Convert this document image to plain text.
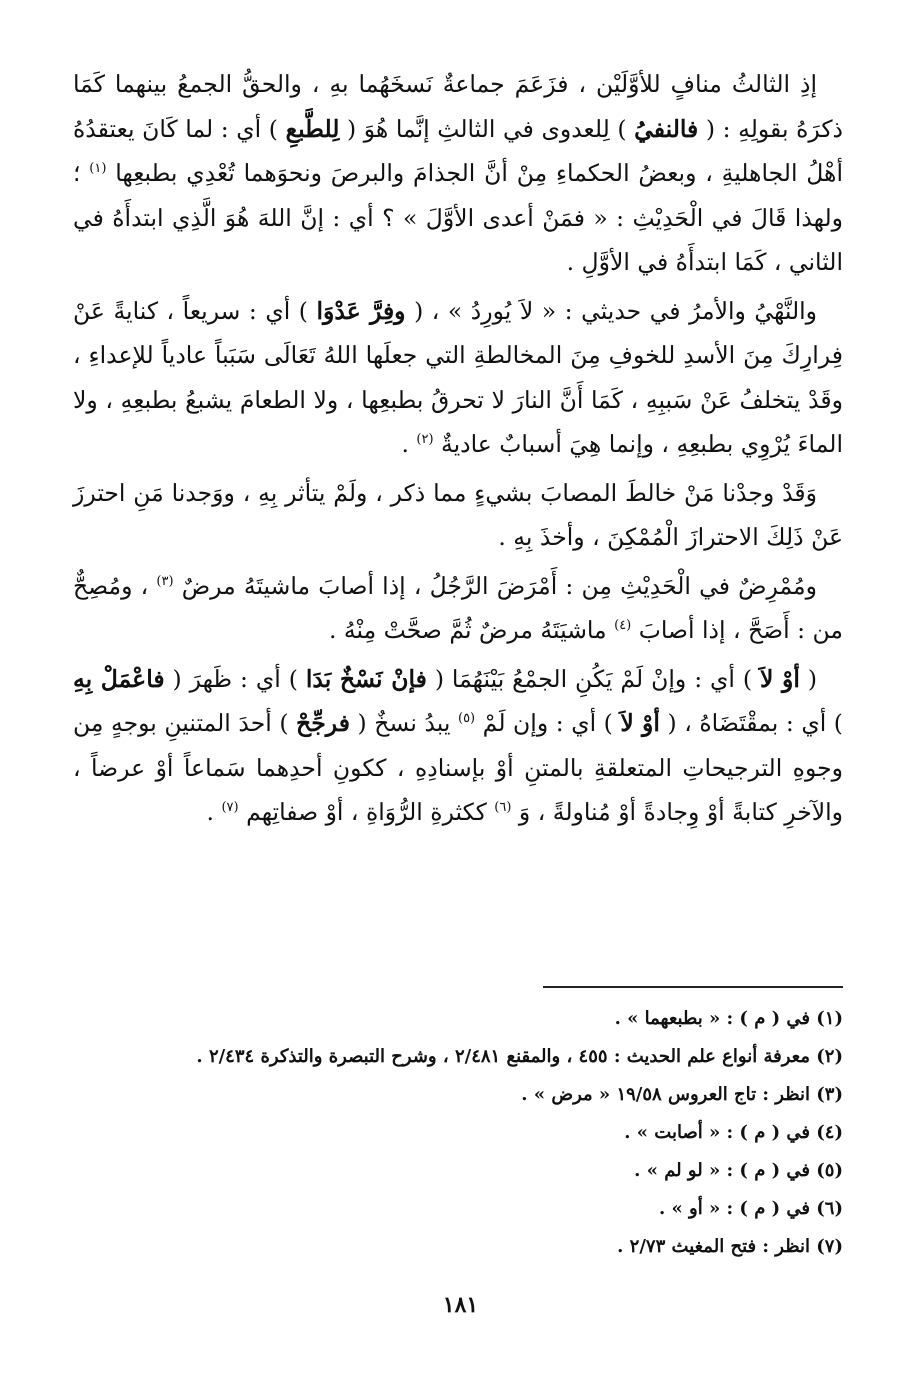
إذِ الثالثُ منافٍ للأوَّلَيْن ، فزَعَمَ جماعةٌ نَسخَهُما بهِ ، والحقُّ الجمعُ بينهما كَمَا ذكرَهُ بقولِهِ : ( فالنفيُ ) لِلعدوى في الثالثِ إنَّما هُوَ ( لِلطَّبعِ ) أي : لما كَانَ يعتقدُهُ أهْلُ الجاهليةِ ، وبعضُ الحكماءِ مِنْ أنَّ الجذامَ والبرصَ ونحوَهما تُعْدِي بطبعِها $^{(١)}$ ؛ ولهذا قَالَ في الْحَدِيْثِ : « فمَنْ أعدى الأوَّلَ » ؟ أي : إنَّ اللهَ هُوَ الَّذِي ابتدأَهُ في الثاني ، كَمَا ابتدأَهُ في الأوَّلِ .

والنَّهْيُ والأمرُ في حديثي : « لاَ يُورِدُ » ، ( وفِرَّ عَدْوَا ) أي : سريعاً ، كنايةً عَنْ فِرارِكَ مِنَ الأسدِ للخوفِ مِنَ المخالطةِ التي جعلَها اللهُ تَعَالَى سَبَباً عادياً للإعداءِ ، وقَدْ يتخلفُ عَنْ سَببِهِ ، كَمَا أَنَّ النارَ لا تحرقُ بطبعِها ، ولا الطعامَ يشبعُ بطبعِهِ ، ولا الماءَ يُرْوِي بطبعِهِ ، وإنما هِيَ أسبابٌ عاديةٌ $^{(٢)}$ .

وَقَدْ وجدْنا مَنْ خالطَ المصابَ بشيءٍ مما ذكر ، ولَمْ يتأثر بِهِ ، ووَجدنا مَنِ احترزَ عَنْ ذَلِكَ الاحترازَ الْمُمْكِنَ ، وأخذَ بِهِ .

ومُمْرِضٌ في الْحَدِيْثِ مِن : أَمْرَضَ الرَّجُلُ ، إذا أصابَ ماشيتَهُ مرضٌ $^{(٣)}$ ، ومُصِحٌّ من : أَصَحَّ ، إذا أصابَ $^{(٤)}$ ماشيَتَهُ مرضٌ ثُمَّ صحَّتْ مِنْهُ .

( أوْ لاَ ) أي : وإنْ لَمْ يَكُنِ الجمْعُ بَيْنَهُمَا ( فإنْ نَسْخٌ بَدَا ) أي : ظَهرَ ( فاعْمَلْ بِهِ ) أي : بمقْتَضَاهُ ، ( أوْ لاَ ) أي : وإن لَمْ $^{(٥)}$ يبدُ نسخٌ ( فرجِّحْ ) أحدَ المتنينِ بوجهٍ مِن وجوهِ الترجيحاتِ المتعلقةِ بالمتنِ أوْ بإسنادِهِ ، ككونِ أحدِهما سَماعاً أوْ عرضاً ، والآخرِ كتابةً أوْ وِجادةً أوْ مُناولةً ، وَ $^{(٦)}$ ككثرةِ الرُّوَاةِ ، أوْ صفاتِهم $^{(٧)}$ .

(١) في ( م ) : « بطبعهما » .
(٢) معرفة أنواع علم الحديث : ٤٥٥ ، والمقنع ٢/٤٨١ ، وشرح التبصرة والتذكرة ٢/٤٣٤ .
(٣) انظر : تاج العروس ١٩/٥٨ « مرض » .
(٤) في ( م ) : « أصابت » .
(٥) في ( م ) : « لو لم » .
(٦) في ( م ) : « أو » .
(٧) انظر : فتح المغيث ٢/٧٣ .
١٨١
